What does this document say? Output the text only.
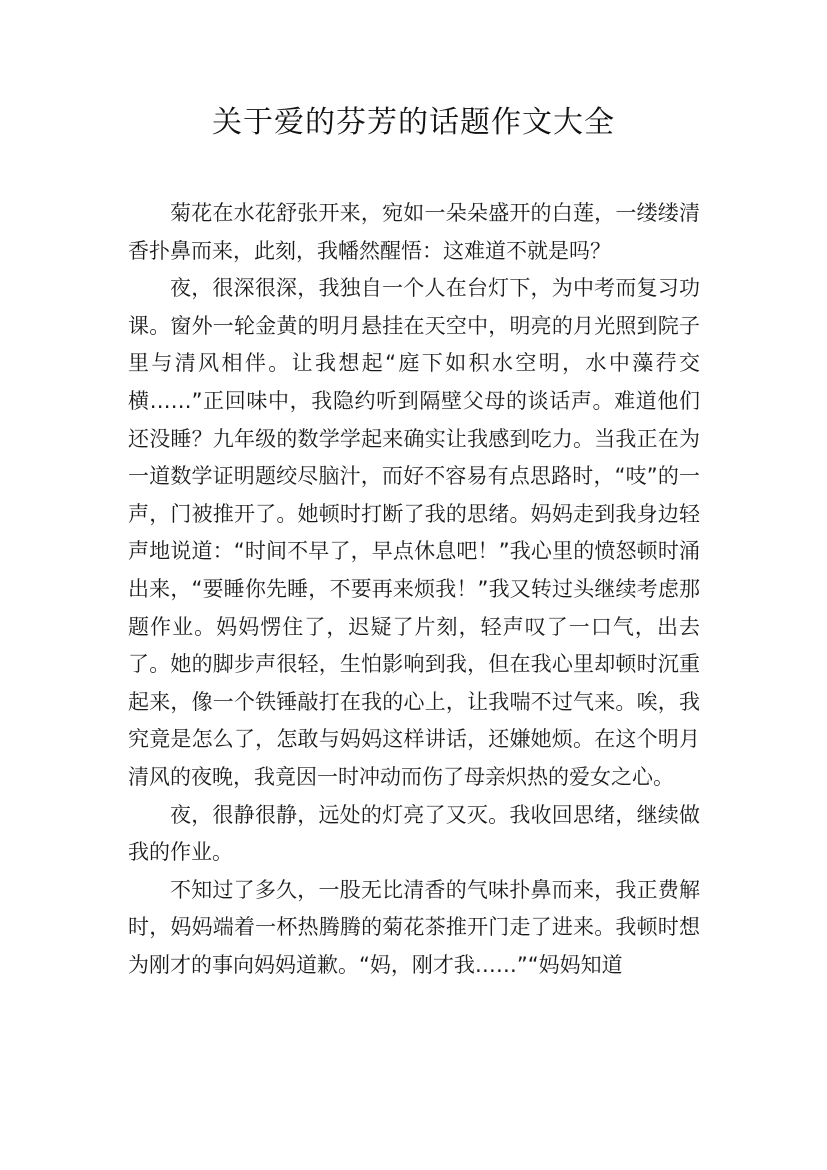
关于爱的芬芳的话题作文大全

菊花在水花舒张开来，宛如一朵朵盛开的白莲，一缕缕清香扑鼻而来，此刻，我幡然醒悟：这难道不就是吗？

夜，很深很深，我独自一个人在台灯下，为中考而复习功课。窗外一轮金黄的明月悬挂在天空中，明亮的月光照到院子里与清风相伴。让我想起“庭下如积水空明，水中藻荇交横……”正回味中，我隐约听到隔壁父母的谈话声。难道他们还没睡？九年级的数学学起来确实让我感到吃力。当我正在为一道数学证明题绞尽脑汁，而好不容易有点思路时，“吱”的一声，门被推开了。她顿时打断了我的思绪。妈妈走到我身边轻声地说道：“时间不早了，早点休息吧！”我心里的愤怒顿时涌出来，“要睡你先睡，不要再来烦我！”我又转过头继续考虑那题作业。妈妈愣住了，迟疑了片刻，轻声叹了一口气，出去了。她的脚步声很轻，生怕影响到我，但在我心里却顿时沉重起来，像一个铁锤敲打在我的心上，让我喘不过气来。唉，我究竟是怎么了，怎敢与妈妈这样讲话，还嫌她烦。在这个明月清风的夜晚，我竟因一时冲动而伤了母亲炽热的爱女之心。

夜，很静很静，远处的灯亮了又灭。我收回思绪，继续做我的作业。

不知过了多久，一股无比清香的气味扑鼻而来，我正费解时，妈妈端着一杯热腾腾的菊花茶推开门走了进来。我顿时想为刚才的事向妈妈道歉。“妈，刚才我……”“妈妈知道
